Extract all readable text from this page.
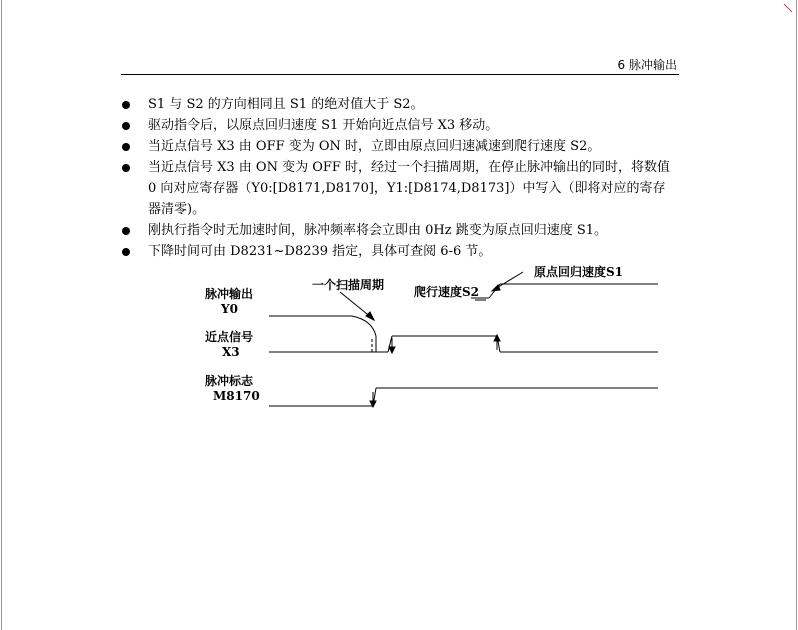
6 脉冲输出
S1 与 S2 的方向相同且 S1 的绝对值大于 S2。
驱动指令后，以原点回归速度 S1 开始向近点信号 X3 移动。
当近点信号 X3 由 OFF 变为 ON 时，立即由原点回归速减速到爬行速度 S2。
当近点信号 X3 由 ON 变为 OFF 时，经过一个扫描周期，在停止脉冲输出的同时，将数值 0 向对应寄存器（Y0:[D8171,D8170]，Y1:[D8174,D8173]）中写入（即将对应的寄存器清零)。
刚执行指令时无加速时间，脉冲频率将会立即由 0Hz 跳变为原点回归速度 S1。
下降时间可由 D8231~D8239 指定，具体可查阅 6-6 节。
原点回归速度S1
一个扫描周期 爬行速度S2
脉冲输出
Y0
近点信号
X3
脉冲标志
M8170
